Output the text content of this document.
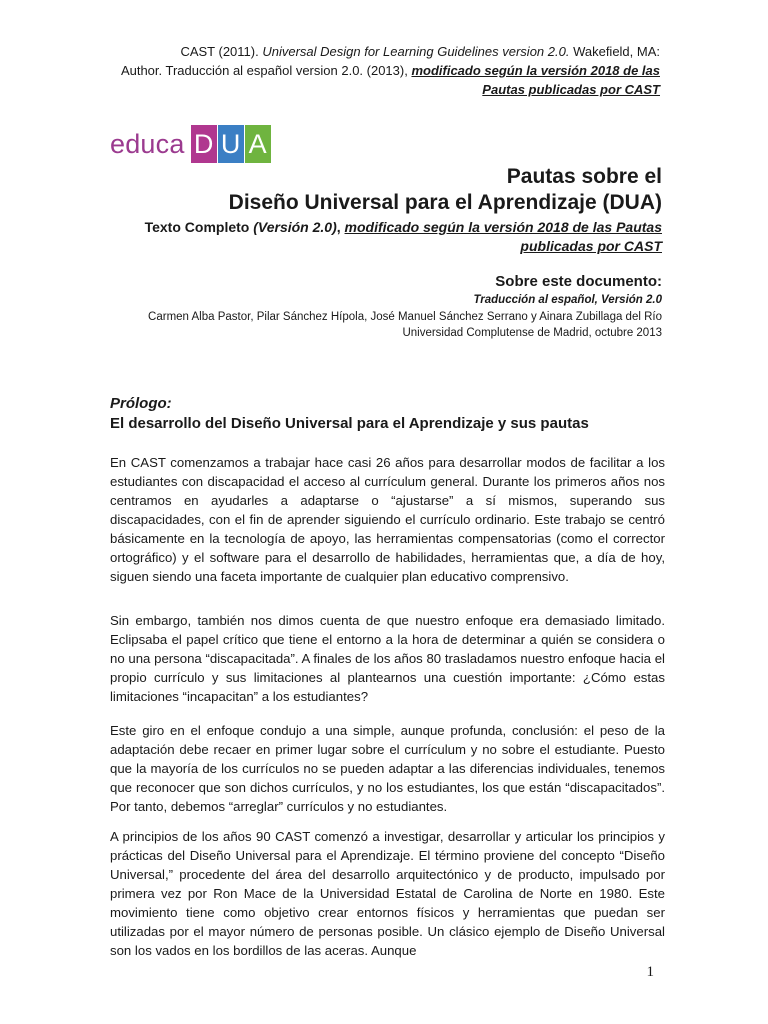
CAST (2011). Universal Design for Learning Guidelines version 2.0. Wakefield, MA:
Author. Traducción al español version 2.0. (2013), modificado según la versión 2018 de las Pautas publicadas por CAST
educa D U A
Pautas sobre el
Diseño Universal para el Aprendizaje (DUA)
Texto Completo (Versión 2.0), modificado según la versión 2018 de las Pautas publicadas por CAST
Sobre este documento:
Traducción al español, Versión 2.0
Carmen Alba Pastor, Pilar Sánchez Hípola, José Manuel Sánchez Serrano y Ainara Zubillaga del Río
Universidad Complutense de Madrid, octubre 2013
Prólogo:
El desarrollo del Diseño Universal para el Aprendizaje y sus pautas
En CAST comenzamos a trabajar hace casi 26 años para desarrollar modos de facilitar a los estudiantes con discapacidad el acceso al currículum general. Durante los primeros años nos centramos en ayudarles a adaptarse o “ajustarse” a sí mismos, superando sus discapacidades, con el fin de aprender siguiendo el currículo ordinario. Este trabajo se centró básicamente en la tecnología de apoyo, las herramientas compensatorias (como el corrector ortográfico) y el software para el desarrollo de habilidades, herramientas que, a día de hoy, siguen siendo una faceta importante de cualquier plan educativo comprensivo.
Sin embargo, también nos dimos cuenta de que nuestro enfoque era demasiado limitado. Eclipsaba el papel crítico que tiene el entorno a la hora de determinar a quién se considera o no una persona “discapacitada”. A finales de los años 80 trasladamos nuestro enfoque hacia el propio currículo y sus limitaciones al plantearnos una cuestión importante: ¿Cómo estas limitaciones “incapacitan” a los estudiantes?
Este giro en el enfoque condujo a una simple, aunque profunda, conclusión: el peso de la adaptación debe recaer en primer lugar sobre el currículum y no sobre el estudiante. Puesto que la mayoría de los currículos no se pueden adaptar a las diferencias individuales, tenemos que reconocer que son dichos currículos, y no los estudiantes, los que están “discapacitados”. Por tanto, debemos “arreglar” currículos y no estudiantes.
A principios de los años 90 CAST comenzó a investigar, desarrollar y articular los principios y prácticas del Diseño Universal para el Aprendizaje. El término proviene del concepto “Diseño Universal,” procedente del área del desarrollo arquitectónico y de producto, impulsado por primera vez por Ron Mace de la Universidad Estatal de Carolina de Norte en 1980. Este movimiento tiene como objetivo crear entornos físicos y herramientas que puedan ser utilizadas por el mayor número de personas posible. Un clásico ejemplo de Diseño Universal son los vados en los bordillos de las aceras. Aunque
1
